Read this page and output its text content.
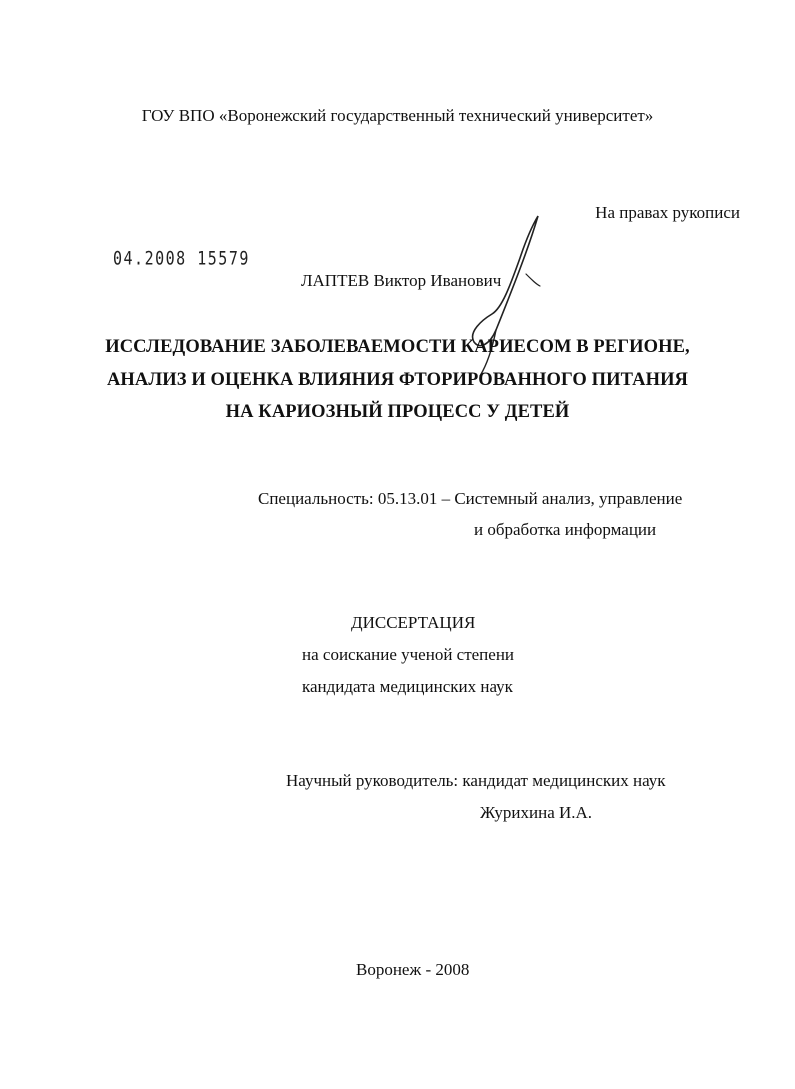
ГОУ ВПО «Воронежский государственный технический университет»
На правах рукописи
04.2008 15579
ЛАПТЕВ Виктор Иванович
ИССЛЕДОВАНИЕ ЗАБОЛЕВАЕМОСТИ КАРИЕСОМ В РЕГИОНЕ,
АНАЛИЗ И ОЦЕНКА ВЛИЯНИЯ ФТОРИРОВАННОГО ПИТАНИЯ
НА КАРИОЗНЫЙ ПРОЦЕСС У ДЕТЕЙ
Специальность: 05.13.01 – Системный анализ, управление
и обработка информации
ДИССЕРТАЦИЯ
на соискание ученой степени
кандидата медицинских наук
Научный руководитель: кандидат медицинских наук
Журихина И.А.
Воронеж - 2008
